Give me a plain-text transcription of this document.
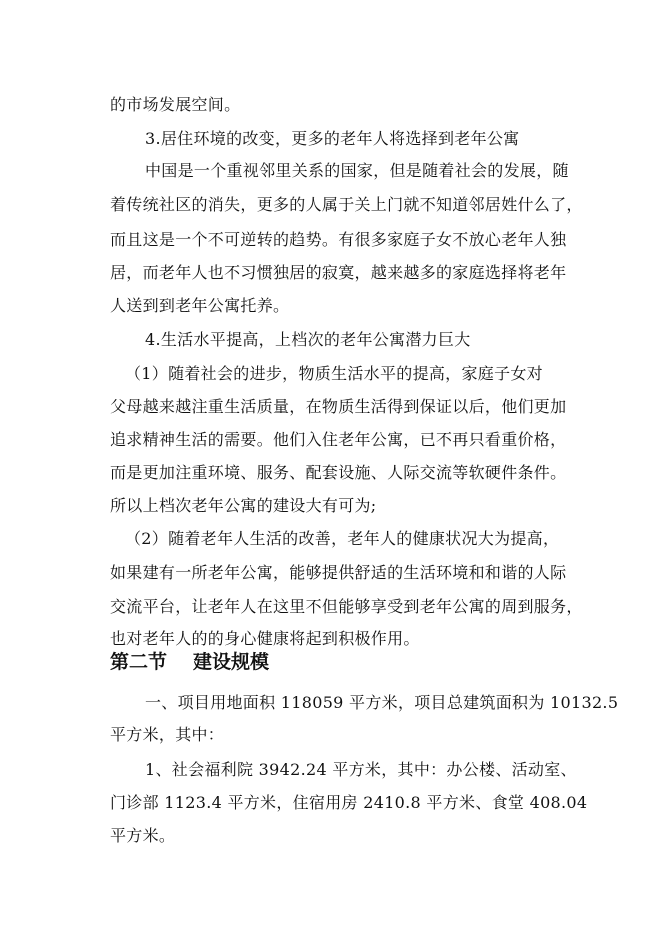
的市场发展空间。
3.居住环境的改变，更多的老年人将选择到老年公寓
中国是一个重视邻里关系的国家，但是随着社会的发展，随
着传统社区的消失，更多的人属于关上门就不知道邻居姓什么了，
而且这是一个不可逆转的趋势。有很多家庭子女不放心老年人独
居，而老年人也不习惯独居的寂寞，越来越多的家庭选择将老年
人送到到老年公寓托养。
4.生活水平提高，上档次的老年公寓潜力巨大
（1）随着社会的进步，物质生活水平的提高，家庭子女对
父母越来越注重生活质量，在物质生活得到保证以后，他们更加
追求精神生活的需要。他们入住老年公寓，已不再只看重价格，
而是更加注重环境、服务、配套设施、人际交流等软硬件条件。
所以上档次老年公寓的建设大有可为;
（2）随着老年人生活的改善，老年人的健康状况大为提高，
如果建有一所老年公寓，能够提供舒适的生活环境和和谐的人际
交流平台，让老年人在这里不但能够享受到老年公寓的周到服务，
也对老年人的的身心健康将起到积极作用。
第二节 建设规模
一、项目用地面积 118059 平方米，项目总建筑面积为 10132.5
平方米，其中：
1、社会福利院 3942.24 平方米，其中：办公楼、活动室、
门诊部 1123.4 平方米，住宿用房 2410.8 平方米、食堂 408.04
平方米。
